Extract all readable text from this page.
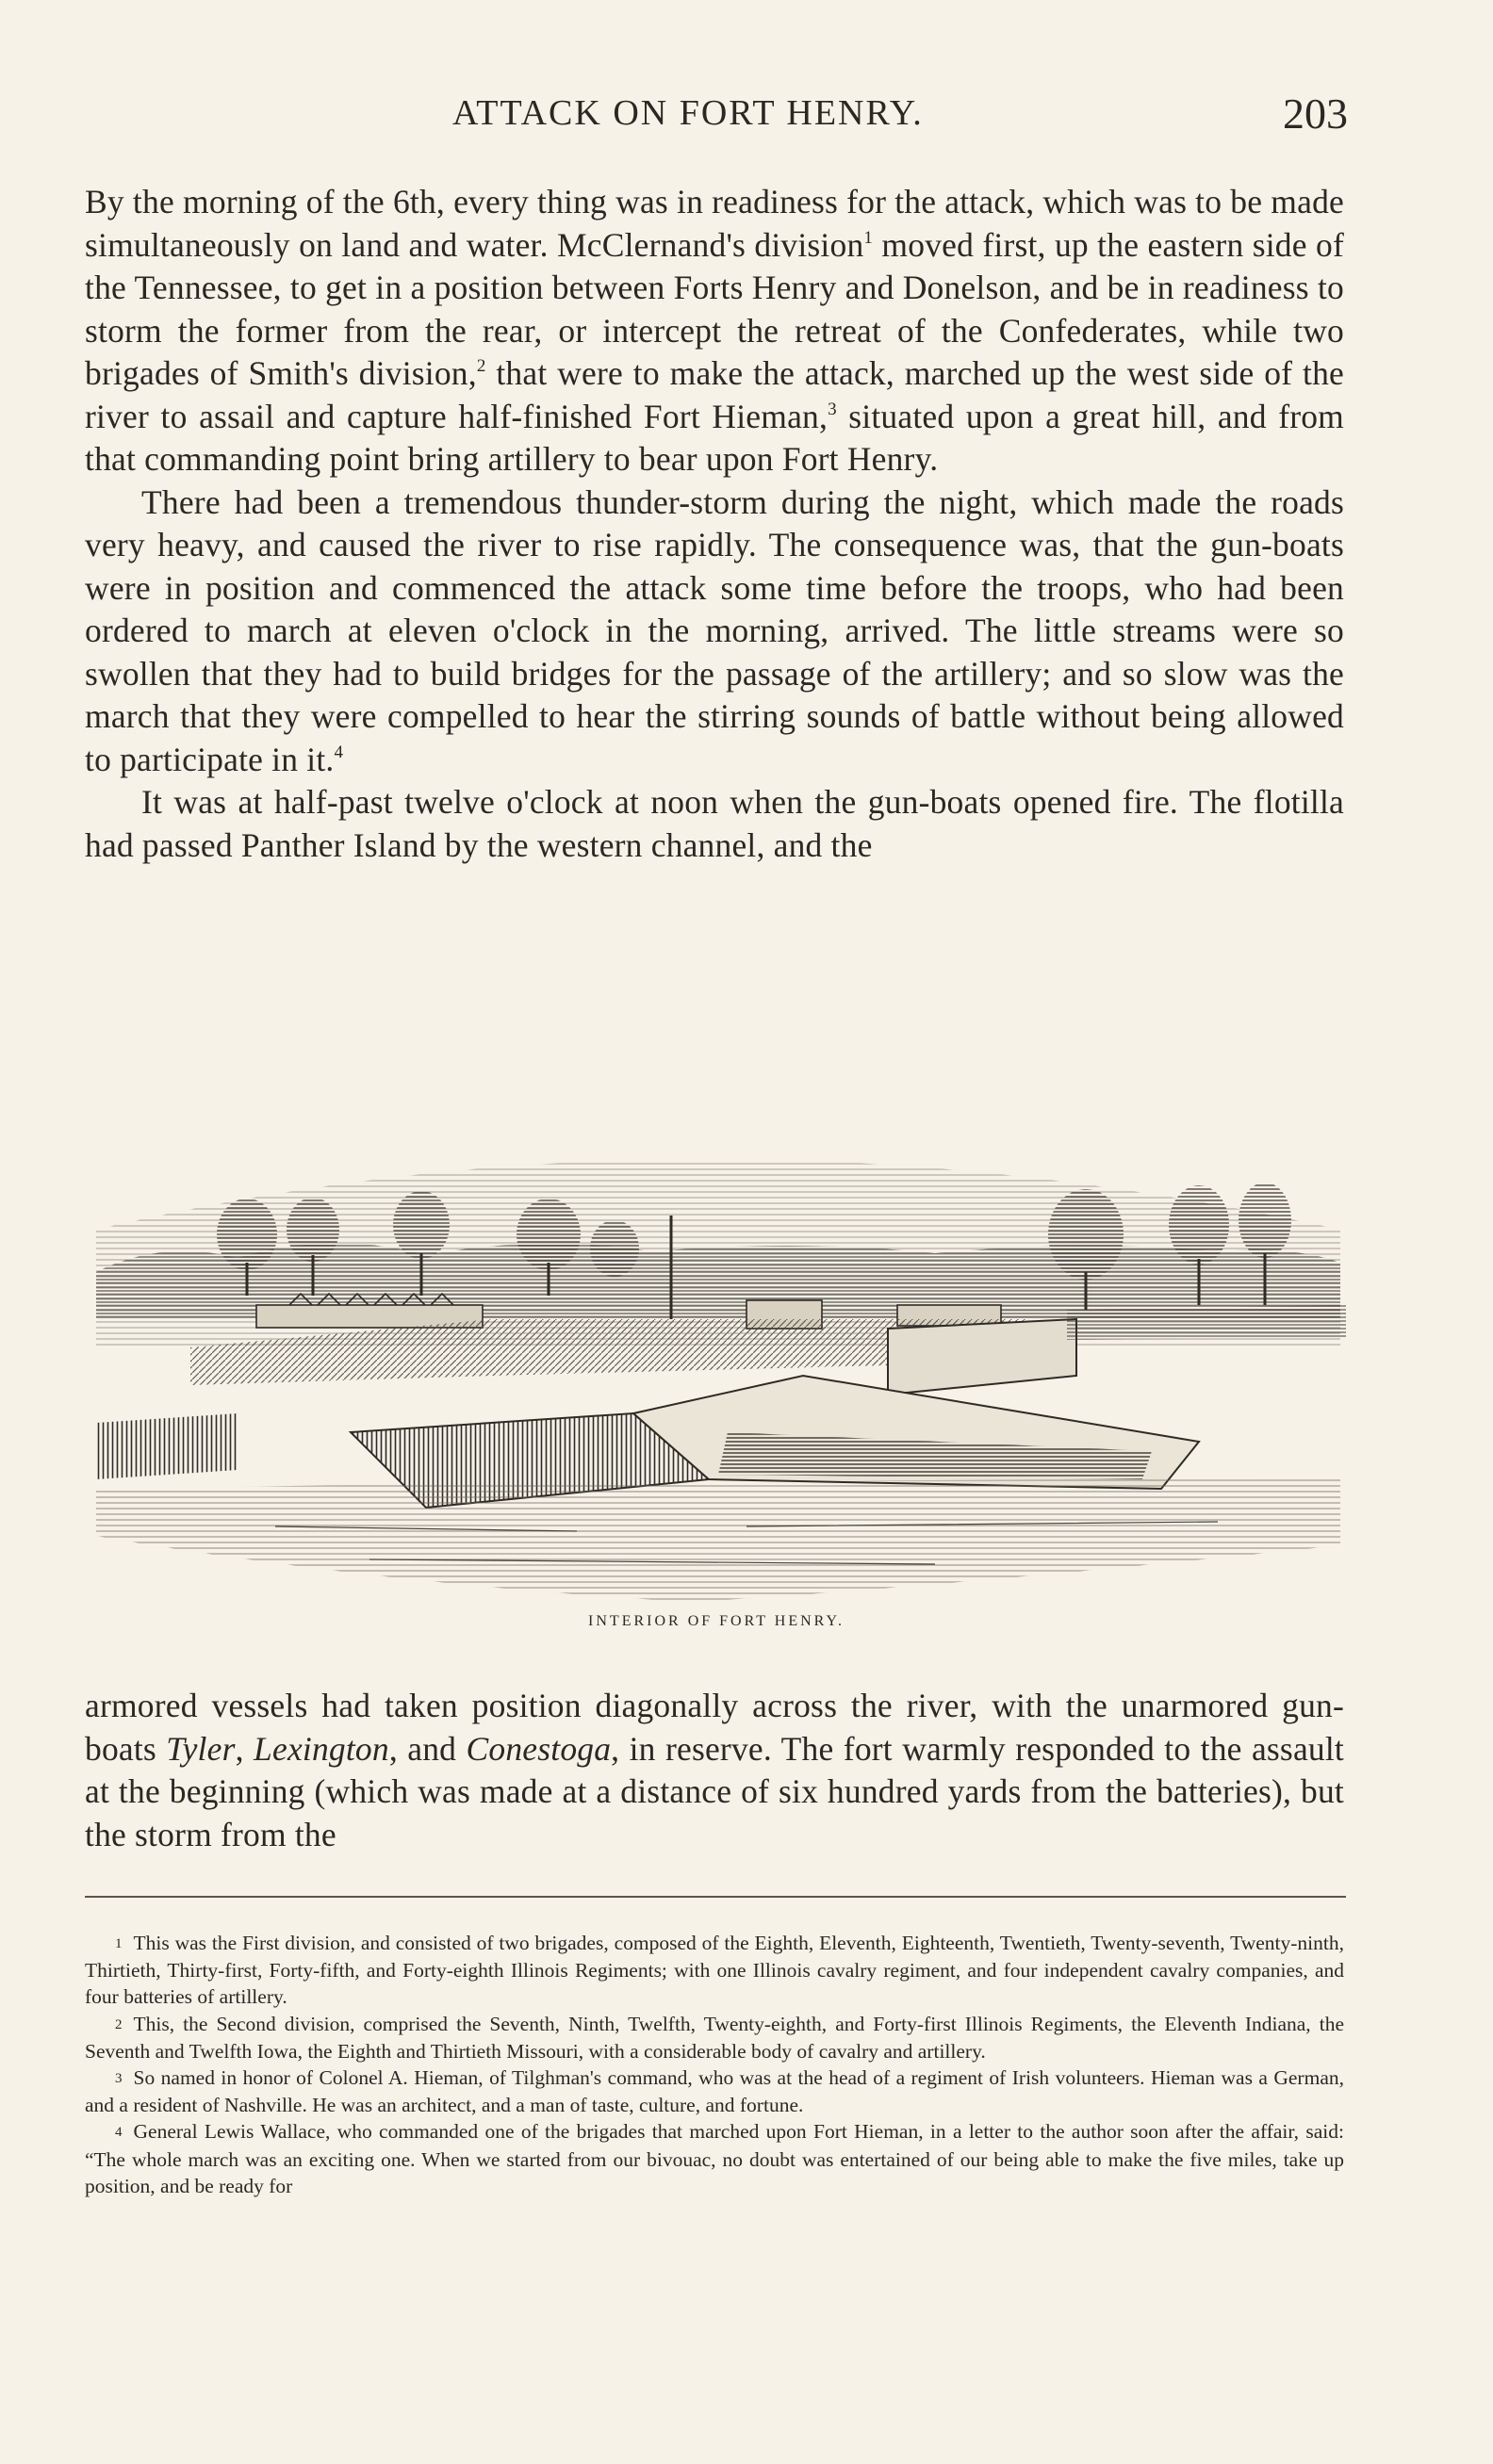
ATTACK ON FORT HENRY.	203

By the morning of the 6th, every thing was in readiness for the attack, which was to be made simultaneously on land and water. McClernand's division$^1$ moved first, up the eastern side of the Tennessee, to get in a position between Forts Henry and Donelson, and be in readiness to storm the former from the rear, or intercept the retreat of the Confederates, while two brigades of Smith's division,$^2$ that were to make the attack, marched up the west side of the river to assail and capture half-finished Fort Hieman,$^3$ situated upon a great hill, and from that commanding point bring artillery to bear upon Fort Henry.

There had been a tremendous thunder-storm during the night, which made the roads very heavy, and caused the river to rise rapidly. The consequence was, that the gun-boats were in position and commenced the attack some time before the troops, who had been ordered to march at eleven o'clock in the morning, arrived. The little streams were so swollen that they had to build bridges for the passage of the artillery; and so slow was the march that they were compelled to hear the stirring sounds of battle without being allowed to participate in it.$^4$

It was at half-past twelve o'clock at noon when the gun-boats opened fire. The flotilla had passed Panther Island by the western channel, and the

INTERIOR OF FORT HENRY.

armored vessels had taken position diagonally across the river, with the unarmored gun-boats Tyler, Lexington, and Conestoga, in reserve. The fort warmly responded to the assault at the beginning (which was made at a distance of six hundred yards from the batteries), but the storm from the

1 This was the First division, and consisted of two brigades, composed of the Eighth, Eleventh, Eighteenth, Twentieth, Twenty-seventh, Twenty-ninth, Thirtieth, Thirty-first, Forty-fifth, and Forty-eighth Illinois Regiments; with one Illinois cavalry regiment, and four independent cavalry companies, and four batteries of artillery.

2 This, the Second division, comprised the Seventh, Ninth, Twelfth, Twenty-eighth, and Forty-first Illinois Regiments, the Eleventh Indiana, the Seventh and Twelfth Iowa, the Eighth and Thirtieth Missouri, with a considerable body of cavalry and artillery.

3 So named in honor of Colonel A. Hieman, of Tilghman's command, who was at the head of a regiment of Irish volunteers. Hieman was a German, and a resident of Nashville. He was an architect, and a man of taste, culture, and fortune.

4 General Lewis Wallace, who commanded one of the brigades that marched upon Fort Hieman, in a letter to the author soon after the affair, said: “The whole march was an exciting one. When we started from our bivouac, no doubt was entertained of our being able to make the five miles, take up position, and be ready for
